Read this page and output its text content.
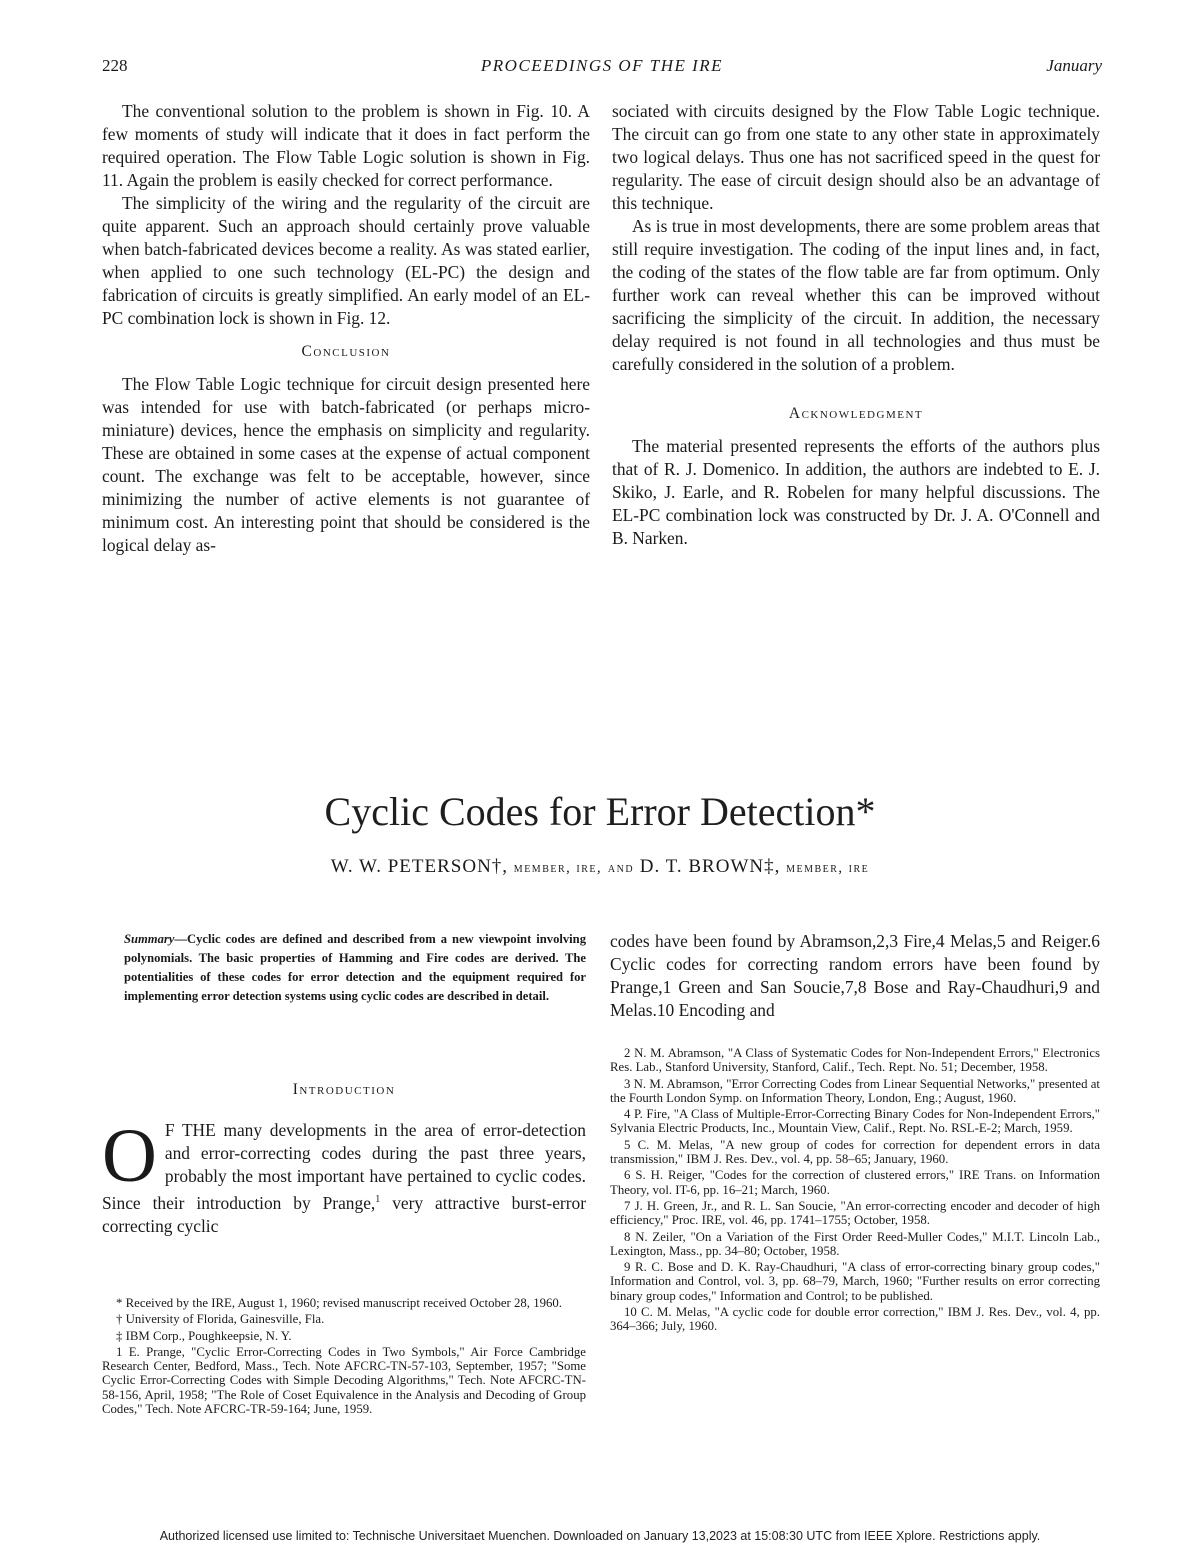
228	PROCEEDINGS OF THE IRE	January

The conventional solution to the problem is shown in Fig. 10. A few moments of study will indicate that it does in fact perform the required operation. The Flow Table Logic solution is shown in Fig. 11. Again the problem is easily checked for correct performance.

The simplicity of the wiring and the regularity of the circuit are quite apparent. Such an approach should certainly prove valuable when batch-fabricated devices become a reality. As was stated earlier, when applied to one such technology (EL-PC) the design and fabrication of circuits is greatly simplified. An early model of an EL-PC combination lock is shown in Fig. 12.

Conclusion

The Flow Table Logic technique for circuit design presented here was intended for use with batch-fabricated (or perhaps micro-miniature) devices, hence the emphasis on simplicity and regularity. These are obtained in some cases at the expense of actual component count. The exchange was felt to be acceptable, however, since minimizing the number of active elements is not guarantee of minimum cost. An interesting point that should be considered is the logical delay as-

sociated with circuits designed by the Flow Table Logic technique. The circuit can go from one state to any other state in approximately two logical delays. Thus one has not sacrificed speed in the quest for regularity. The ease of circuit design should also be an advantage of this technique.

As is true in most developments, there are some problem areas that still require investigation. The coding of the input lines and, in fact, the coding of the states of the flow table are far from optimum. Only further work can reveal whether this can be improved without sacrificing the simplicity of the circuit. In addition, the necessary delay required is not found in all technologies and thus must be carefully considered in the solution of a problem.

Acknowledgment

The material presented represents the efforts of the authors plus that of R. J. Domenico. In addition, the authors are indebted to E. J. Skiko, J. Earle, and R. Robelen for many helpful discussions. The EL-PC combination lock was constructed by Dr. J. A. O'Connell and B. Narken.

Cyclic Codes for Error Detection*
W. W. PETERSON†, member, ire, and D. T. BROWN‡, member, ire
Summary—Cyclic codes are defined and described from a new viewpoint involving polynomials. The basic properties of Hamming and Fire codes are derived. The potentialities of these codes for error detection and the equipment required for implementing error detection systems using cyclic codes are described in detail.
Introduction

O F THE many developments in the area of error-detection and error-correcting codes during the past three years, probably the most important have pertained to cyclic codes. Since their introduction by Prange,$^1$ very attractive burst-error correcting cyclic

codes have been found by Abramson,2,3 Fire,4 Melas,5 and Reiger.6 Cyclic codes for correcting random errors have been found by Prange,1 Green and San Soucie,7,8 Bose and Ray-Chaudhuri,9 and Melas.10 Encoding and

* Received by the IRE, August 1, 1960; revised manuscript received October 28, 1960.

† University of Florida, Gainesville, Fla.

‡ IBM Corp., Poughkeepsie, N. Y.

1 E. Prange, "Cyclic Error-Correcting Codes in Two Symbols," Air Force Cambridge Research Center, Bedford, Mass., Tech. Note AFCRC-TN-57-103, September, 1957; "Some Cyclic Error-Correcting Codes with Simple Decoding Algorithms," Tech. Note AFCRC-TN-58-156, April, 1958; "The Role of Coset Equivalence in the Analysis and Decoding of Group Codes," Tech. Note AFCRC-TR-59-164; June, 1959.

2 N. M. Abramson, "A Class of Systematic Codes for Non-Independent Errors," Electronics Res. Lab., Stanford University, Stanford, Calif., Tech. Rept. No. 51; December, 1958.

3 N. M. Abramson, "Error Correcting Codes from Linear Sequential Networks," presented at the Fourth London Symp. on Information Theory, London, Eng.; August, 1960.

4 P. Fire, "A Class of Multiple-Error-Correcting Binary Codes for Non-Independent Errors," Sylvania Electric Products, Inc., Mountain View, Calif., Rept. No. RSL-E-2; March, 1959.

5 C. M. Melas, "A new group of codes for correction for dependent errors in data transmission," IBM J. Res. Dev., vol. 4, pp. 58–65; January, 1960.

6 S. H. Reiger, "Codes for the correction of clustered errors," IRE Trans. on Information Theory, vol. IT-6, pp. 16–21; March, 1960.

7 J. H. Green, Jr., and R. L. San Soucie, "An error-correcting encoder and decoder of high efficiency," Proc. IRE, vol. 46, pp. 1741–1755; October, 1958.

8 N. Zeiler, "On a Variation of the First Order Reed-Muller Codes," M.I.T. Lincoln Lab., Lexington, Mass., pp. 34–80; October, 1958.

9 R. C. Bose and D. K. Ray-Chaudhuri, "A class of error-correcting binary group codes," Information and Control, vol. 3, pp. 68–79, March, 1960; "Further results on error correcting binary group codes," Information and Control; to be published.

10 C. M. Melas, "A cyclic code for double error correction," IBM J. Res. Dev., vol. 4, pp. 364–366; July, 1960.

Authorized licensed use limited to: Technische Universitaet Muenchen. Downloaded on January 13,2023 at 15:08:30 UTC from IEEE Xplore. Restrictions apply.
